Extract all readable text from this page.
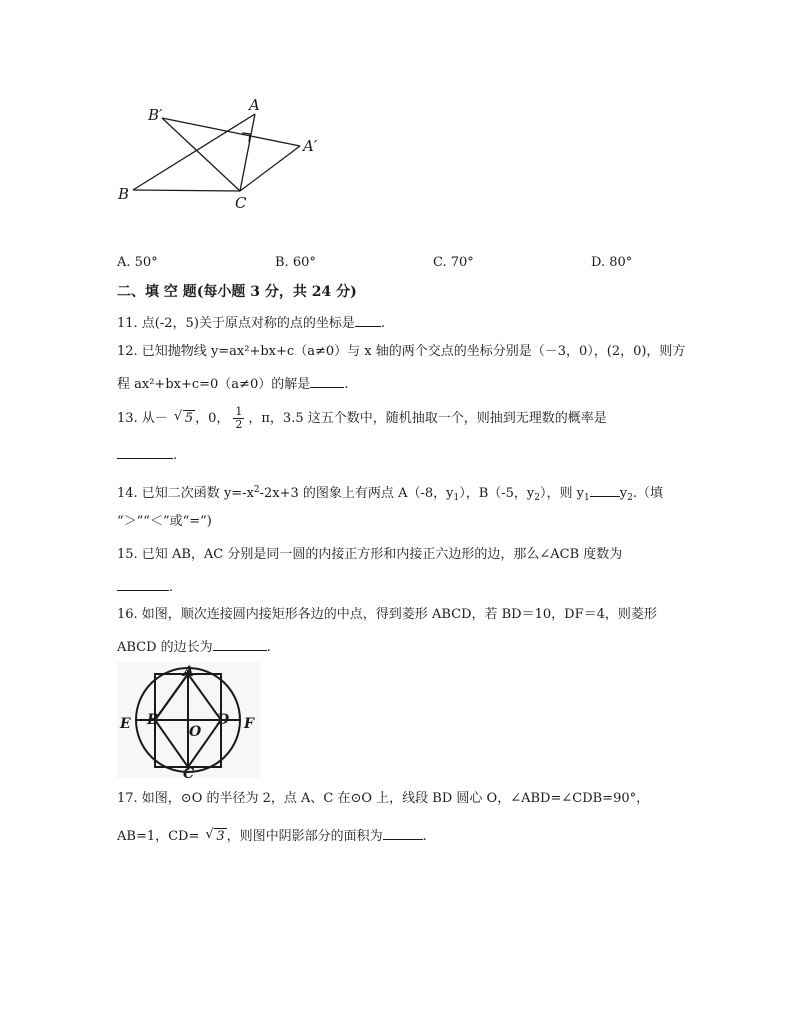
B′
A
A′
B	C
A. 50°	B. 60°	C. 70°	D. 80°
二、填 空 题(每小题 3 分，共 24 分)
11. 点(-2，5)关于原点对称的点的坐标是 .
12. 已知抛物线 y=ax²+bx+c（a≠0）与 x 轴的两个交点的坐标分别是（－3，0），(2，0)，则方
程 ax²+bx+c=0（a≠0）的解是	.
13. 从－ √ 5 ，0， $\frac{1}{2}$ ，π，3.5 这五个数中，随机抽取一个，则抽到无理数的概率是
.
14. 已知二次函数 $y=-x^2-2x+3$ 的图象上有两点 A（-8，$y_1$），B（-5，$y_2$），则 $y_1$ $y_2$.（填
“＞”“＜”或“=”)
15. 已知 AB，AC 分别是同一圆的内接正方形和内接正六边形的边，那么∠ACB 度数为
.
16. 如图，顺次连接圆内接矩形各边的中点，得到菱形 ABCD，若 BD＝10，DF＝4，则菱形
ABCD 的边长为	.
A
B
C
D
E	F
O
17. 如图，⊙O 的半径为 2，点 A、C 在⊙O 上，线段 BD 圆心 O，∠ABD=∠CDB=90°，
AB=1，CD= √ 3 ，则图中阴影部分的面积为	.
